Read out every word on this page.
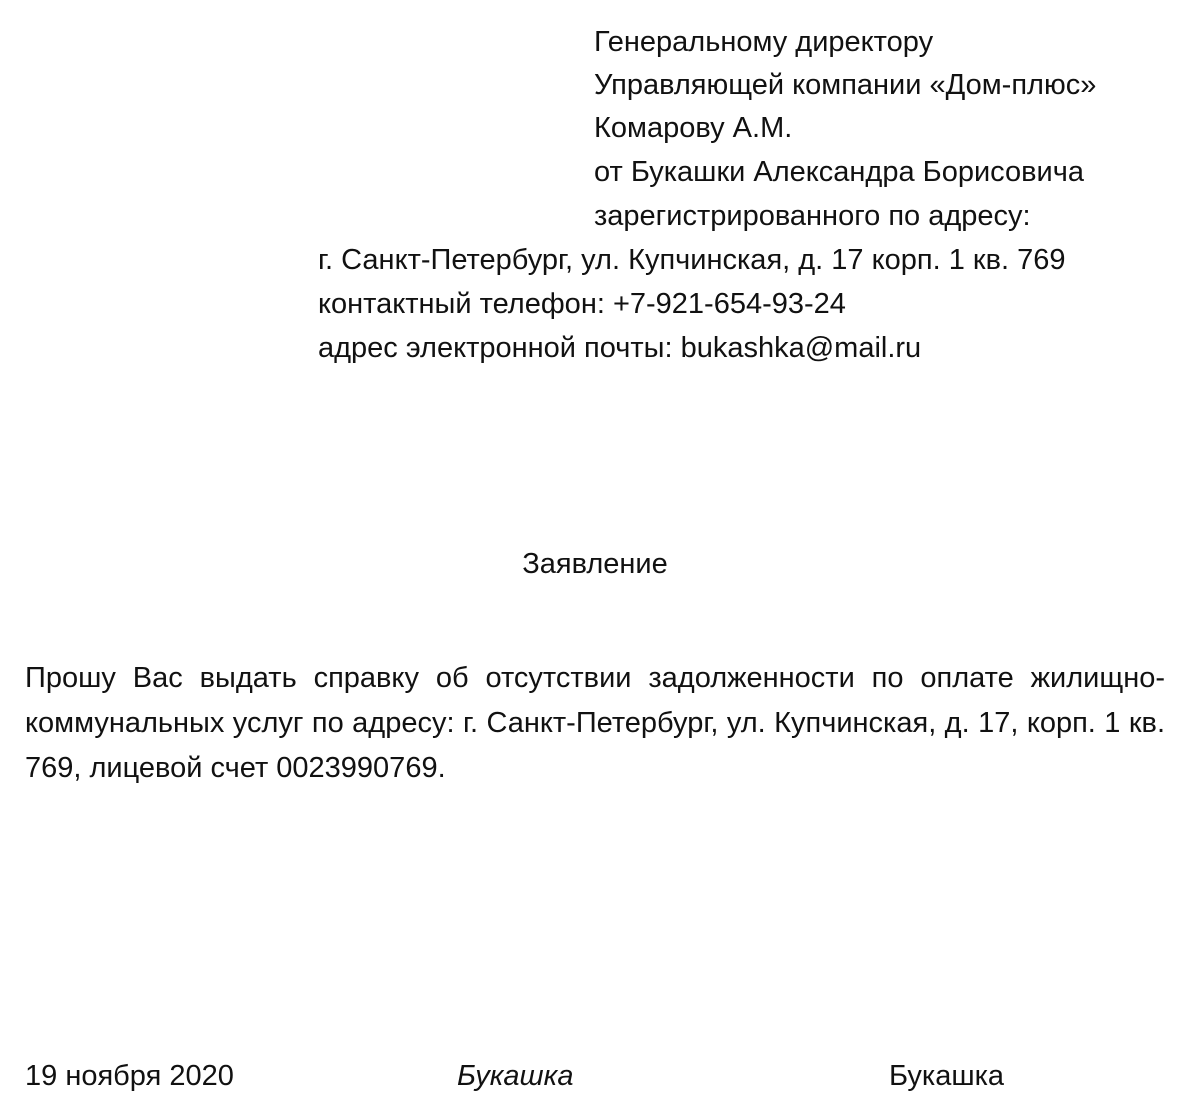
Генеральному директору
Управляющей компании «Дом-плюс»
Комарову А.М.
от Букашки Александра Борисовича
зарегистрированного по адресу:
г. Санкт-Петербург, ул. Купчинская, д. 17 корп. 1 кв. 769
контактный телефон: +7-921-654-93-24
адрес электронной почты: bukashka@mail.ru
Заявление

Прошу Вас выдать справку об отсутствии задолженности по оплате жилищно-коммунальных услуг по адресу: г. Санкт-Петербург, ул. Купчинская, д. 17, корп. 1 кв. 769, лицевой счет 0023990769.

19 ноября 2020	Букашка	Букашка
